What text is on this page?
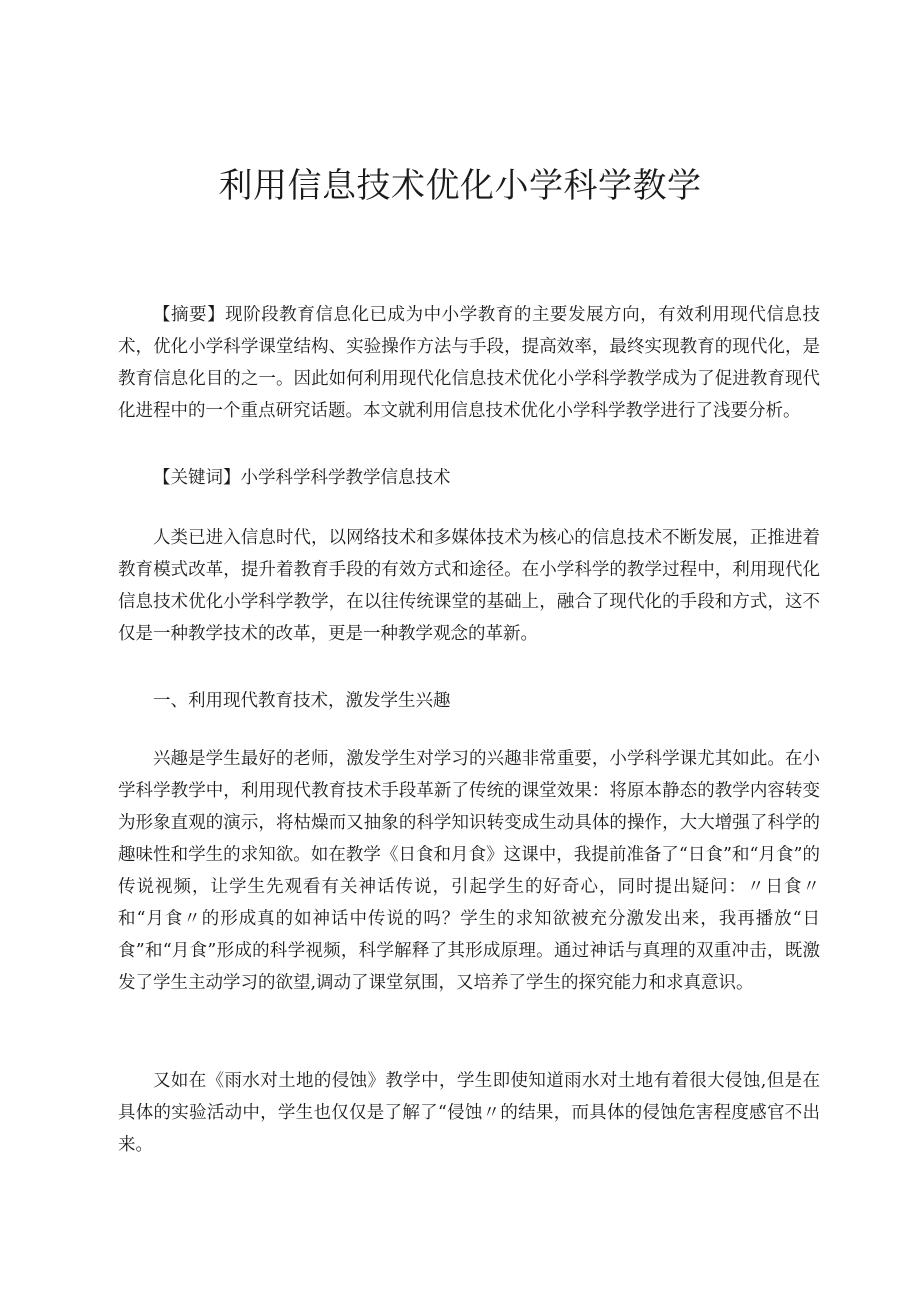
利用信息技术优化小学科学教学

【摘要】现阶段教育信息化已成为中小学教育的主要发展方向，有效利用现代信息技术，优化小学科学课堂结构、实验操作方法与手段，提高效率，最终实现教育的现代化，是教育信息化目的之一。因此如何利用现代化信息技术优化小学科学教学成为了促进教育现代化进程中的一个重点研究话题。本文就利用信息技术优化小学科学教学进行了浅要分析。

【关键词】小学科学科学教学信息技术

人类已进入信息时代，以网络技术和多媒体技术为核心的信息技术不断发展，正推进着教育模式改革，提升着教育手段的有效方式和途径。在小学科学的教学过程中，利用现代化信息技术优化小学科学教学，在以往传统课堂的基础上，融合了现代化的手段和方式，这不仅是一种教学技术的改革，更是一种教学观念的革新。

一、利用现代教育技术，激发学生兴趣

兴趣是学生最好的老师，激发学生对学习的兴趣非常重要，小学科学课尤其如此。在小学科学教学中，利用现代教育技术手段革新了传统的课堂效果：将原本静态的教学内容转变为形象直观的演示，将枯燥而又抽象的科学知识转变成生动具体的操作，大大增强了科学的趣味性和学生的求知欲。如在教学《日食和月食》这课中，我提前准备了“日食”和“月食”的传说视频，让学生先观看有关神话传说，引起学生的好奇心，同时提出疑问：〃日食〃和“月食〃的形成真的如神话中传说的吗？学生的求知欲被充分激发出来，我再播放“日食”和“月食”形成的科学视频，科学解释了其形成原理。通过神话与真理的双重冲击，既激发了学生主动学习的欲望,调动了课堂氛围，又培养了学生的探究能力和求真意识。

又如在《雨水对土地的侵蚀》教学中，学生即使知道雨水对土地有着很大侵蚀,但是在具体的实验活动中，学生也仅仅是了解了“侵蚀〃的结果，而具体的侵蚀危害程度感官不出来。
